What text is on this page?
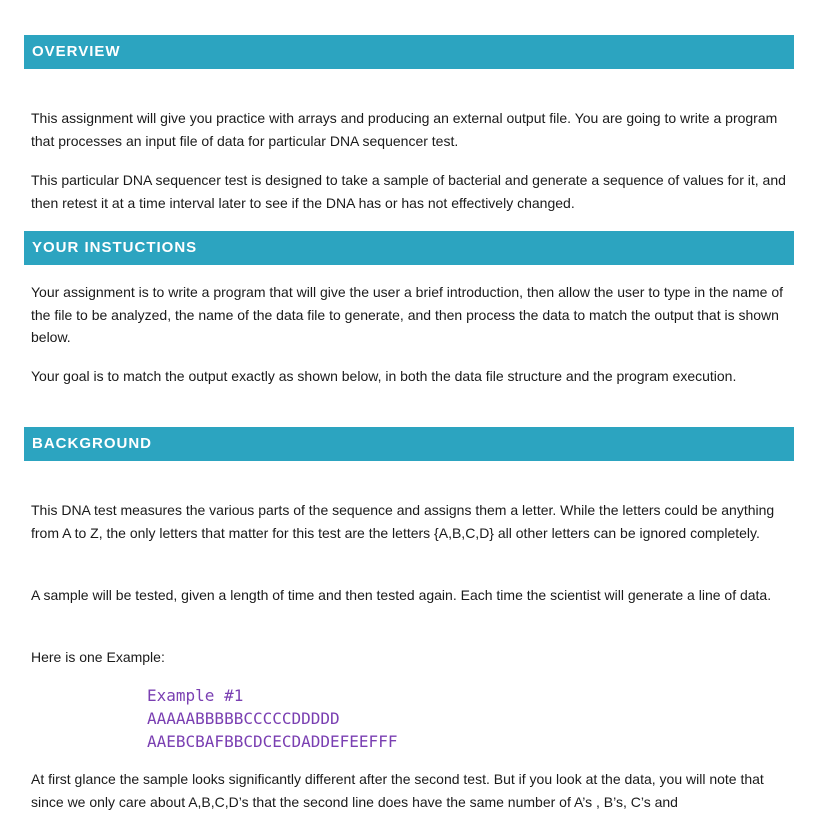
OVERVIEW

This assignment will give you practice with arrays and producing an external output file. You are going to write a program that processes an input file of data for particular DNA sequencer test.

This particular DNA sequencer test is designed to take a sample of bacterial and generate a sequence of values for it, and then retest it at a time interval later to see if the DNA has or has not effectively changed.

YOUR INSTUCTIONS

Your assignment is to write a program that will give the user a brief introduction, then allow the user to type in the name of the file to be analyzed, the name of the data file to generate, and then process the data to match the output that is shown below.

Your goal is to match the output exactly as shown below, in both the data file structure and the program execution.

BACKGROUND

This DNA test measures the various parts of the sequence and assigns them a letter. While the letters could be anything from A to Z, the only letters that matter for this test are the letters {A,B,C,D} all other letters can be ignored completely.

A sample will be tested, given a length of time and then tested again. Each time the scientist will generate a line of data.

Here is one Example:

Example #1
AAAAABBBBBCCCCCDDDDD
AAEBCBAFBBCDCECDADDEFEEFFF

At first glance the sample looks significantly different after the second test. But if you look at the data, you will note that since we only care about A,B,C,D’s that the second line does have the same number of A’s , B’s, C’s and
